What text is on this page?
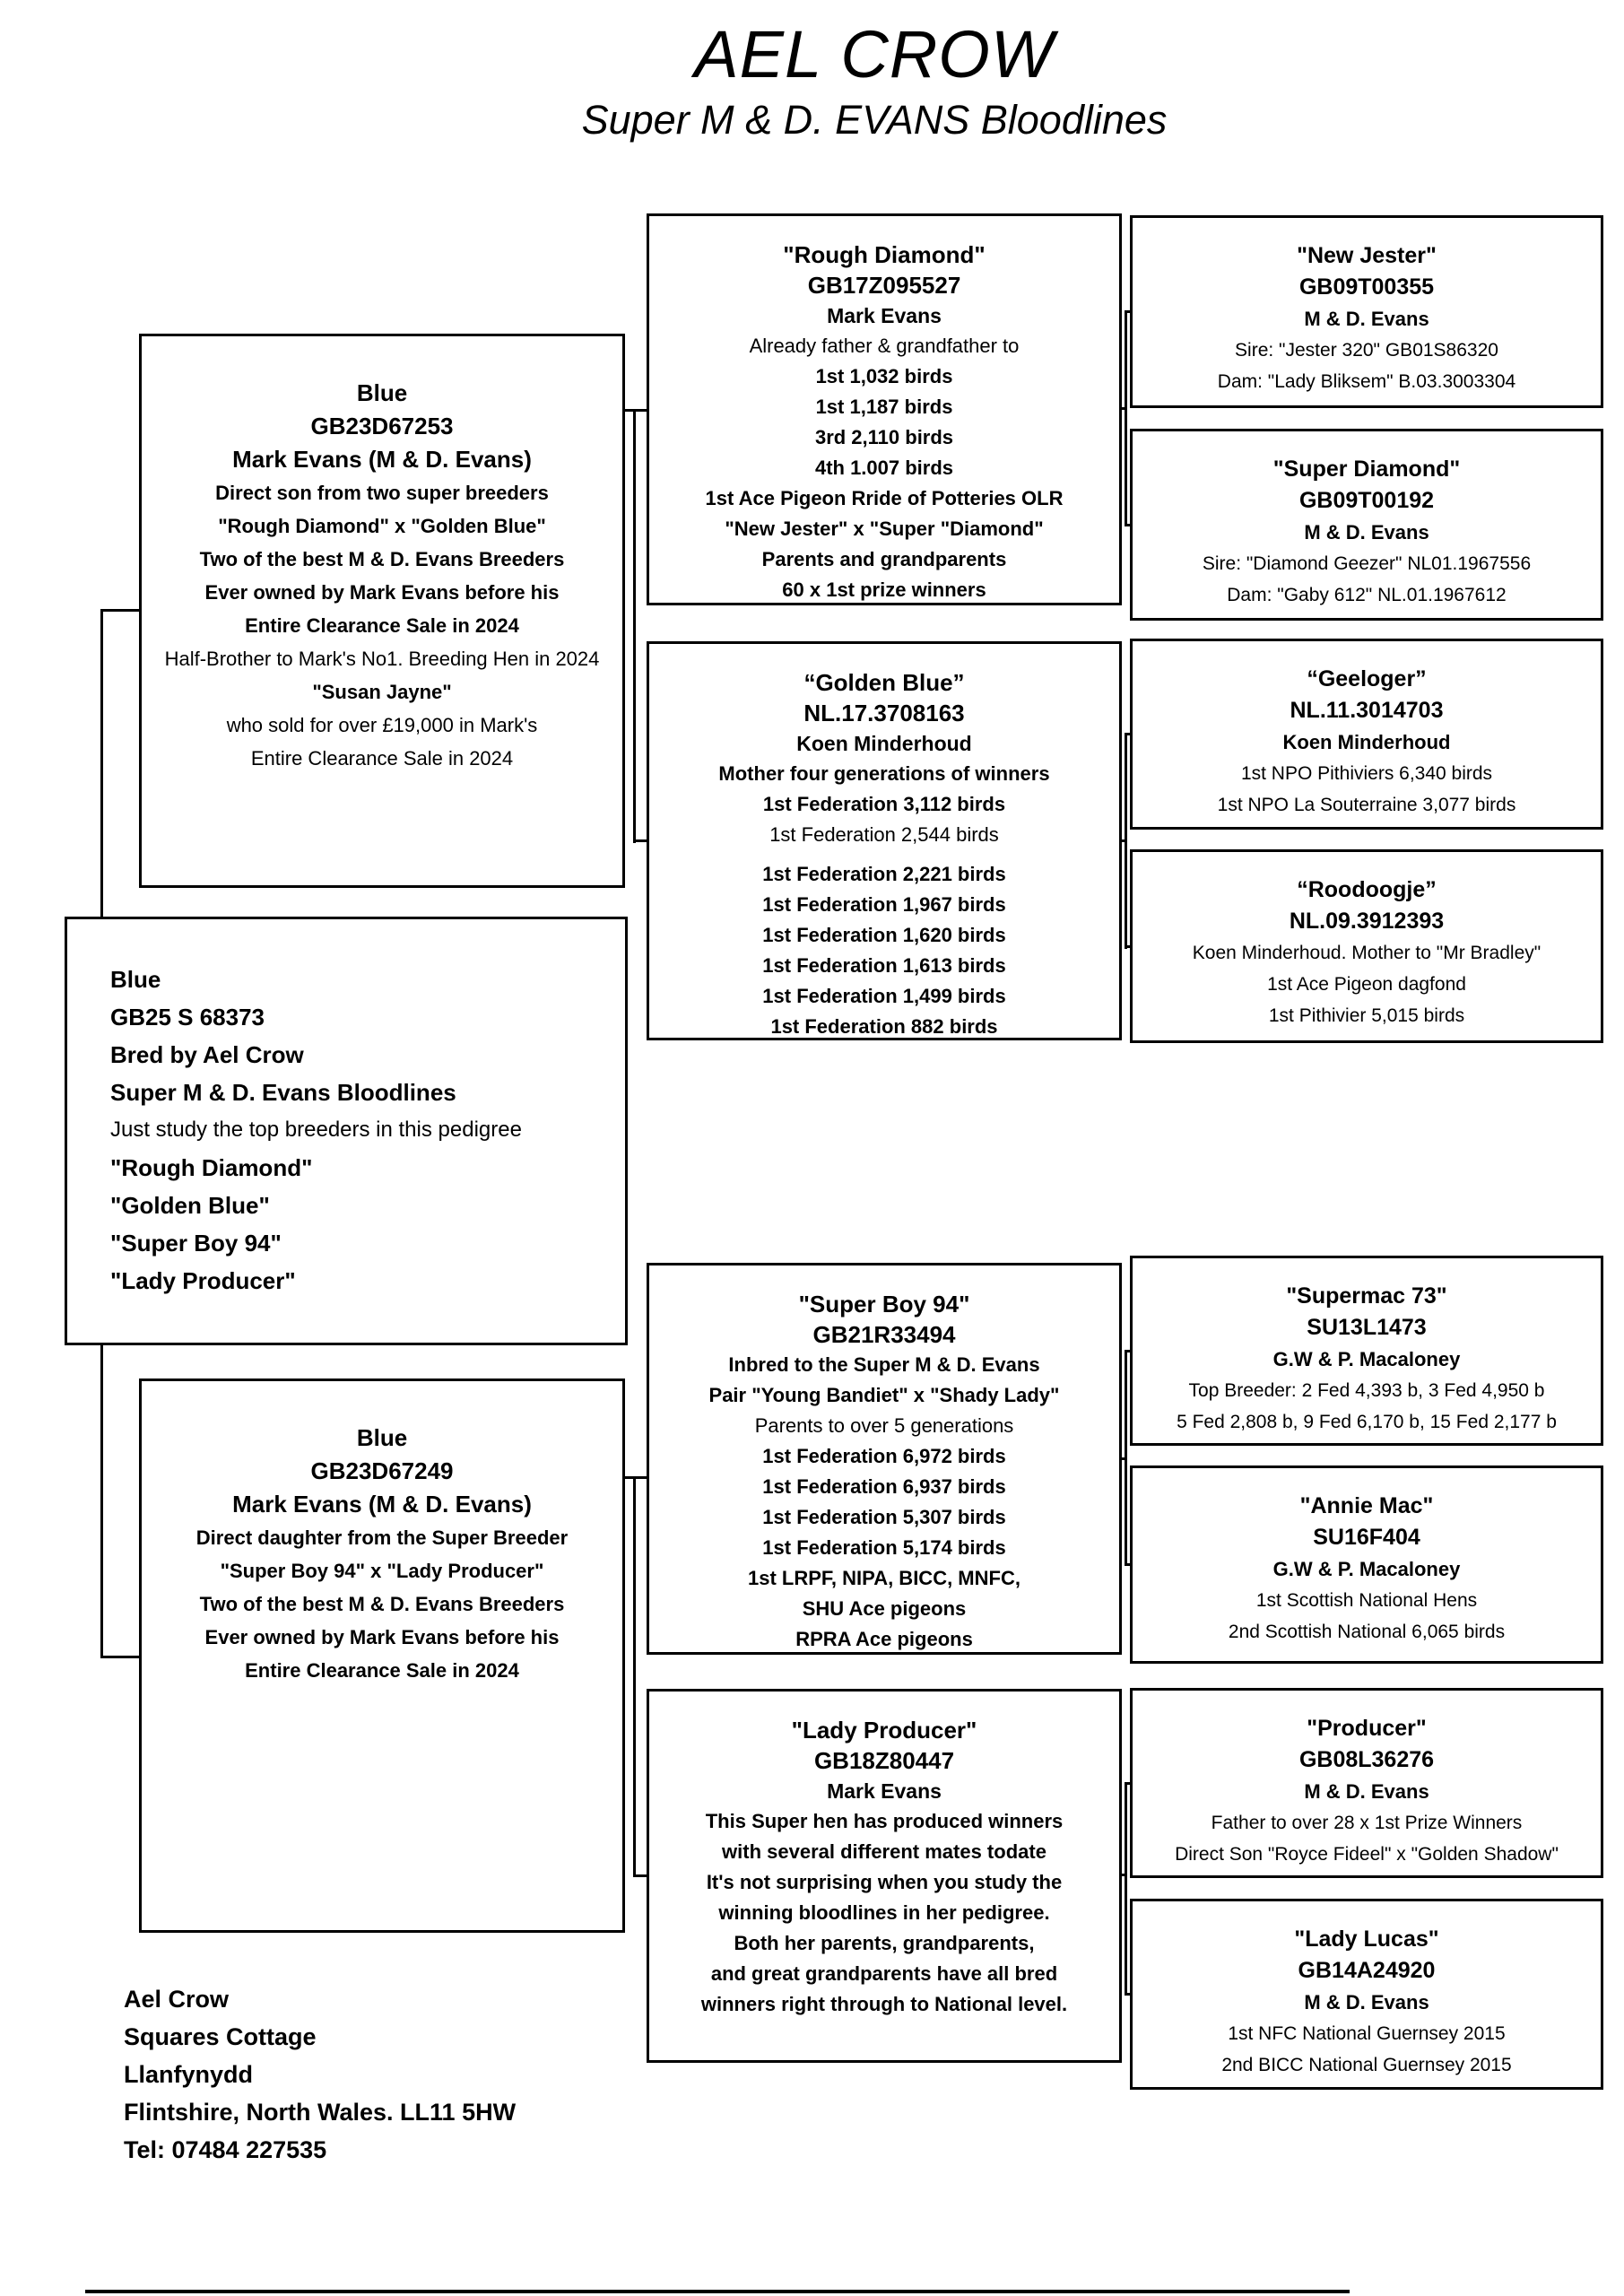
AEL CROW
Super M & D. EVANS Bloodlines
Blue
GB23D67253
Mark Evans (M & D. Evans)
Direct son from two super breeders
"Rough Diamond" x "Golden Blue"
Two of the best M & D. Evans Breeders
Ever owned by Mark Evans before his
Entire Clearance Sale in 2024
Half-Brother to Mark's No1. Breeding Hen in 2024
"Susan Jayne"
who sold for over £19,000 in Mark's
Entire Clearance Sale in 2024
Blue
GB23D67249
Mark Evans (M & D. Evans)
Direct daughter from the Super Breeder
"Super Boy 94" x "Lady Producer"
Two of the best M & D. Evans Breeders
Ever owned by Mark Evans before his
Entire Clearance Sale in 2024
Blue
GB25 S 68373
Bred by Ael Crow
Super M & D. Evans Bloodlines
Just study the top breeders in this pedigree
"Rough Diamond"
"Golden Blue"
"Super Boy 94"
"Lady Producer"
"Rough Diamond"
GB17Z095527
Mark Evans
Already father & grandfather to
1st 1,032 birds
1st 1,187 birds
3rd 2,110 birds
4th 1.007 birds
1st Ace Pigeon Rride of Potteries OLR
"New Jester" x "Super "Diamond"
Parents and grandparents
60 x 1st prize winners
“Golden Blue”
NL.17.3708163
Koen Minderhoud
Mother four generations of winners
1st Federation 3,112 birds
1st Federation 2,544 birds
1st Federation 2,221 birds
1st Federation 1,967 birds
1st Federation 1,620 birds
1st Federation 1,613 birds
1st Federation 1,499 birds
1st Federation 882 birds
"Super Boy 94"
GB21R33494
Inbred to the Super M & D. Evans
Pair "Young Bandiet" x "Shady Lady"
Parents to over 5 generations
1st Federation 6,972 birds
1st Federation 6,937 birds
1st Federation 5,307 birds
1st Federation 5,174 birds
1st LRPF, NIPA, BICC, MNFC,
SHU Ace pigeons
RPRA Ace pigeons
"Lady Producer"
GB18Z80447
Mark Evans
This Super hen has produced winners
with several different mates todate
It's not surprising when you study the
winning bloodlines in her pedigree.
Both her parents, grandparents,
and great grandparents have all bred
winners right through to National level.
"New Jester"
GB09T00355
M & D. Evans
Sire: "Jester 320" GB01S86320
Dam: "Lady Bliksem" B.03.3003304
"Super Diamond"
GB09T00192
M & D. Evans
Sire: "Diamond Geezer" NL01.1967556
Dam: "Gaby 612" NL.01.1967612
“Geeloger”
NL.11.3014703
Koen Minderhoud
1st NPO Pithiviers 6,340 birds
1st NPO La Souterraine 3,077 birds
“Roodoogje”
NL.09.3912393
Koen Minderhoud. Mother to "Mr Bradley"
1st Ace Pigeon dagfond
1st Pithivier 5,015 birds
"Supermac 73"
SU13L1473
G.W & P. Macaloney
Top Breeder: 2 Fed 4,393 b, 3 Fed 4,950 b
5 Fed 2,808 b, 9 Fed 6,170 b, 15 Fed 2,177 b
"Annie Mac"
SU16F404
G.W & P. Macaloney
1st Scottish National Hens
2nd Scottish National 6,065 birds
"Producer"
GB08L36276
M & D. Evans
Father to over 28 x 1st Prize Winners
Direct Son "Royce Fideel" x "Golden Shadow"
"Lady Lucas"
GB14A24920
M & D. Evans
1st NFC National Guernsey 2015
2nd BICC National Guernsey 2015
Ael Crow
Squares Cottage
Llanfynydd
Flintshire, North Wales. LL11 5HW
Tel: 07484 227535
